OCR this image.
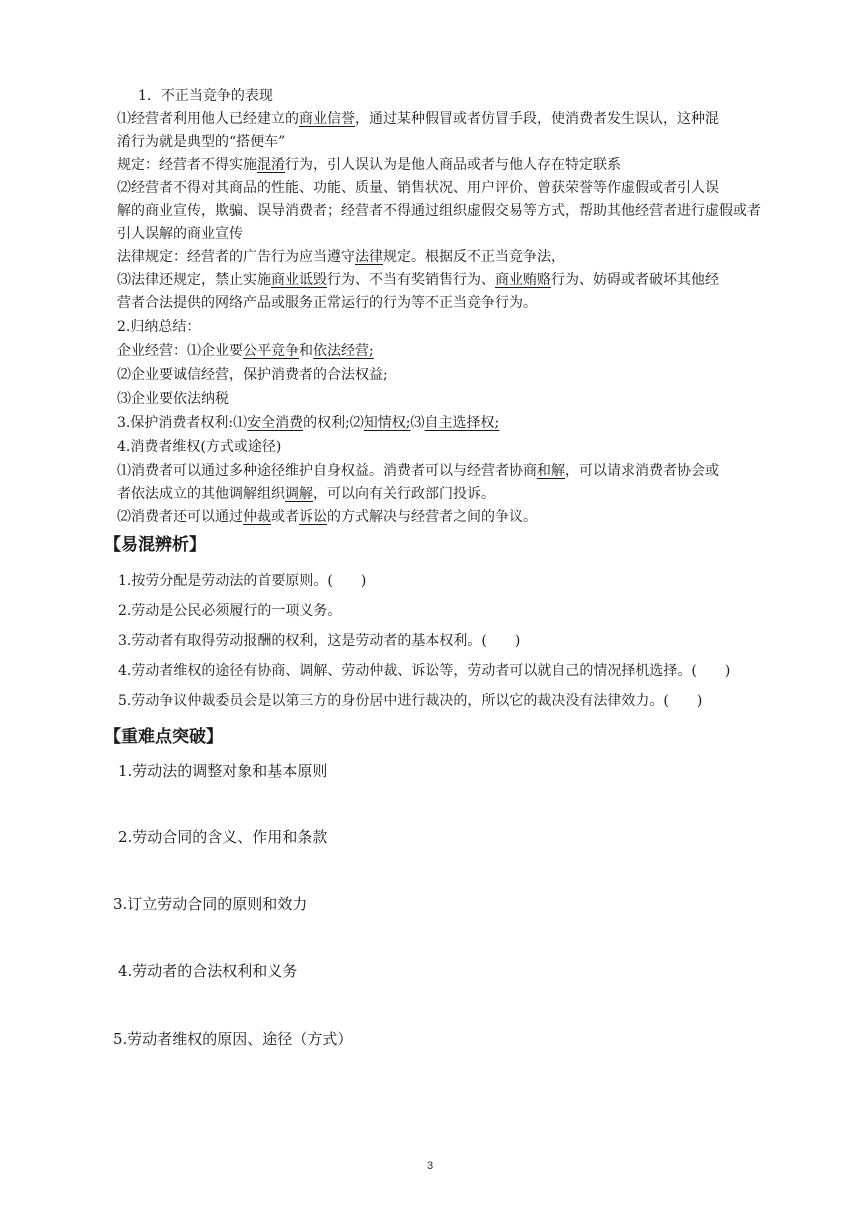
1．不正当竞争的表现
⑴经营者利用他人已经建立的商业信誉，通过某种假冒或者仿冒手段，使消费者发生误认，这种混
淆行为就是典型的“搭便车”
规定：经营者不得实施混淆行为，引人误认为是他人商品或者与他人存在特定联系
⑵经营者不得对其商品的性能、功能、质量、销售状况、用户评价、曾获荣誉等作虚假或者引人误
解的商业宣传，欺骗、误导消费者；经营者不得通过组织虚假交易等方式，帮助其他经营者进行虚假或者
引人误解的商业宣传
法律规定：经营者的广告行为应当遵守法律规定。根据反不正当竞争法，
⑶法律还规定，禁止实施商业诋毁行为、不当有奖销售行为、商业贿赂行为、妨碍或者破坏其他经
营者合法提供的网络产品或服务正常运行的行为等不正当竞争行为。
2.归纳总结：
企业经营：⑴企业要公平竞争和依法经营;
⑵企业要诚信经营，保护消费者的合法权益;
⑶企业要依法纳税
3.保护消费者权利:⑴安全消费的权利;⑵知情权;⑶自主选择权;
4.消费者维权(方式或途径)
⑴消费者可以通过多种途径维护自身权益。消费者可以与经营者协商和解，可以请求消费者协会或
者依法成立的其他调解组织调解，可以向有关行政部门投诉。
⑵消费者还可以通过仲裁或者诉讼的方式解决与经营者之间的争议。
【易混辨析】
1.按劳分配是劳动法的首要原则。(　　)
2.劳动是公民必须履行的一项义务。
3.劳动者有取得劳动报酬的权利，这是劳动者的基本权利。(　　)
4.劳动者维权的途径有协商、调解、劳动仲裁、诉讼等，劳动者可以就自己的情况择机选择。(　　)
5.劳动争议仲裁委员会是以第三方的身份居中进行裁决的，所以它的裁决没有法律效力。(　　)
【重难点突破】
1.劳动法的调整对象和基本原则
2.劳动合同的含义、作用和条款
3.订立劳动合同的原则和效力
4.劳动者的合法权利和义务
5.劳动者维权的原因、途径（方式）
3
